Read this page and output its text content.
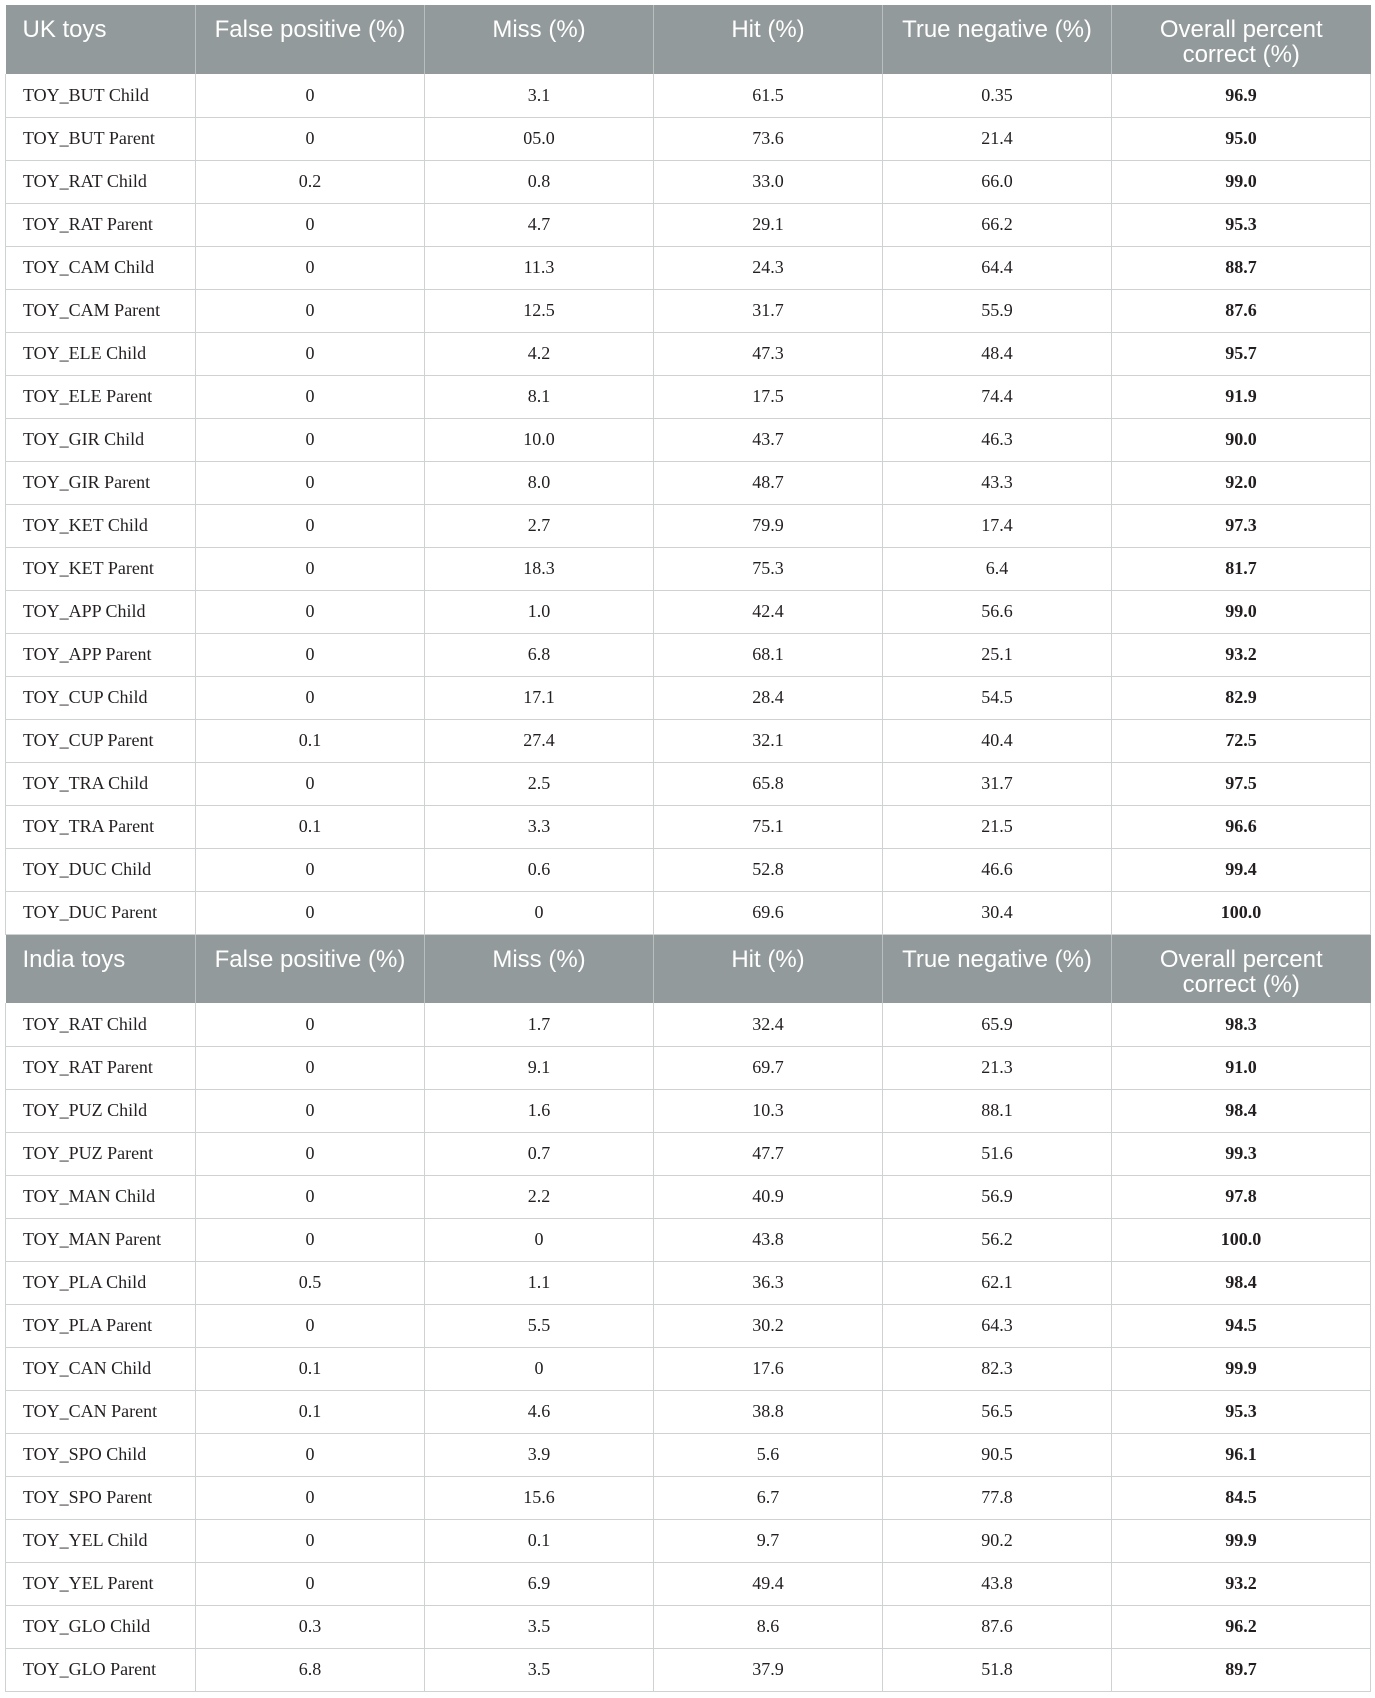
UK toys	False positive (%)	Miss (%)	Hit (%)	True negative (%)	Overall percent correct (%)
TOY_BUT Child	0	3.1	61.5	0.35	96.9
TOY_BUT Parent	0	05.0	73.6	21.4	95.0
TOY_RAT Child	0.2	0.8	33.0	66.0	99.0
TOY_RAT Parent	0	4.7	29.1	66.2	95.3
TOY_CAM Child	0	11.3	24.3	64.4	88.7
TOY_CAM Parent	0	12.5	31.7	55.9	87.6
TOY_ELE Child	0	4.2	47.3	48.4	95.7
TOY_ELE Parent	0	8.1	17.5	74.4	91.9
TOY_GIR Child	0	10.0	43.7	46.3	90.0
TOY_GIR Parent	0	8.0	48.7	43.3	92.0
TOY_KET Child	0	2.7	79.9	17.4	97.3
TOY_KET Parent	0	18.3	75.3	6.4	81.7
TOY_APP Child	0	1.0	42.4	56.6	99.0
TOY_APP Parent	0	6.8	68.1	25.1	93.2
TOY_CUP Child	0	17.1	28.4	54.5	82.9
TOY_CUP Parent	0.1	27.4	32.1	40.4	72.5
TOY_TRA Child	0	2.5	65.8	31.7	97.5
TOY_TRA Parent	0.1	3.3	75.1	21.5	96.6
TOY_DUC Child	0	0.6	52.8	46.6	99.4
TOY_DUC Parent	0	0	69.6	30.4	100.0
India toys	False positive (%)	Miss (%)	Hit (%)	True negative (%)	Overall percent correct (%)
TOY_RAT Child	0	1.7	32.4	65.9	98.3
TOY_RAT Parent	0	9.1	69.7	21.3	91.0
TOY_PUZ Child	0	1.6	10.3	88.1	98.4
TOY_PUZ Parent	0	0.7	47.7	51.6	99.3
TOY_MAN Child	0	2.2	40.9	56.9	97.8
TOY_MAN Parent	0	0	43.8	56.2	100.0
TOY_PLA Child	0.5	1.1	36.3	62.1	98.4
TOY_PLA Parent	0	5.5	30.2	64.3	94.5
TOY_CAN Child	0.1	0	17.6	82.3	99.9
TOY_CAN Parent	0.1	4.6	38.8	56.5	95.3
TOY_SPO Child	0	3.9	5.6	90.5	96.1
TOY_SPO Parent	0	15.6	6.7	77.8	84.5
TOY_YEL Child	0	0.1	9.7	90.2	99.9
TOY_YEL Parent	0	6.9	49.4	43.8	93.2
TOY_GLO Child	0.3	3.5	8.6	87.6	96.2
TOY_GLO Parent	6.8	3.5	37.9	51.8	89.7
